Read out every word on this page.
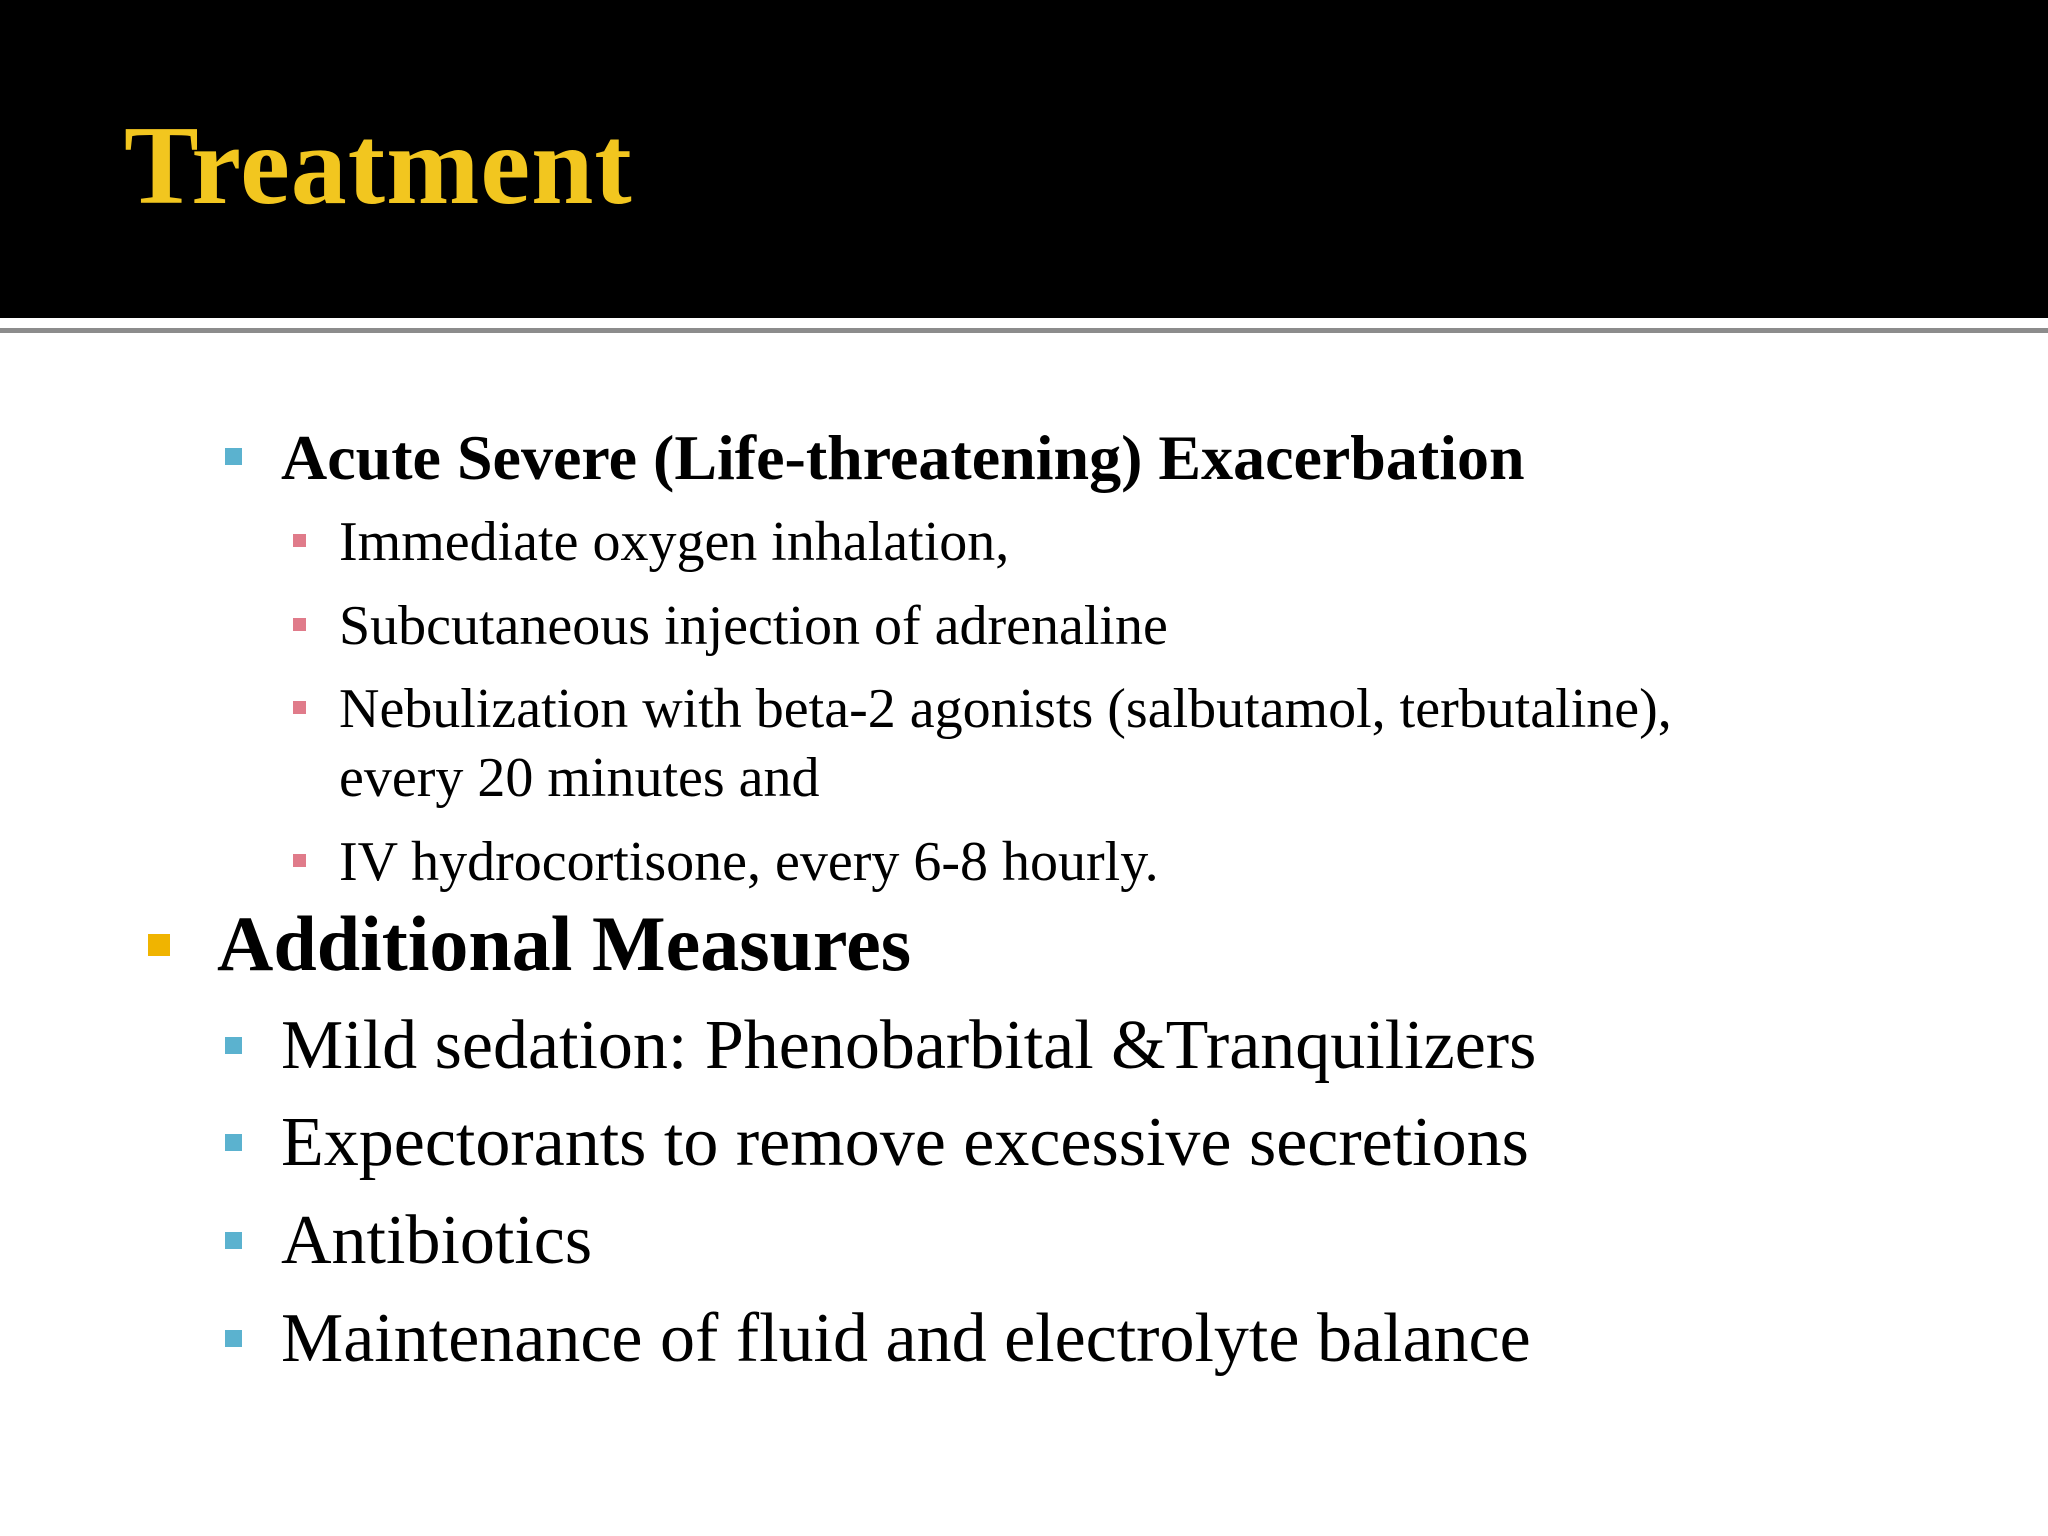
Treatment
Acute Severe (Life-threatening) Exacerbation
Immediate oxygen inhalation,
Subcutaneous injection of adrenaline
Nebulization with beta-2 agonists (salbutamol, terbutaline),
every 20 minutes and
IV hydrocortisone, every 6-8 hourly.
Additional Measures
Mild sedation: Phenobarbital &Tranquilizers
Expectorants to remove excessive secretions
Antibiotics
Maintenance of fluid and electrolyte balance
